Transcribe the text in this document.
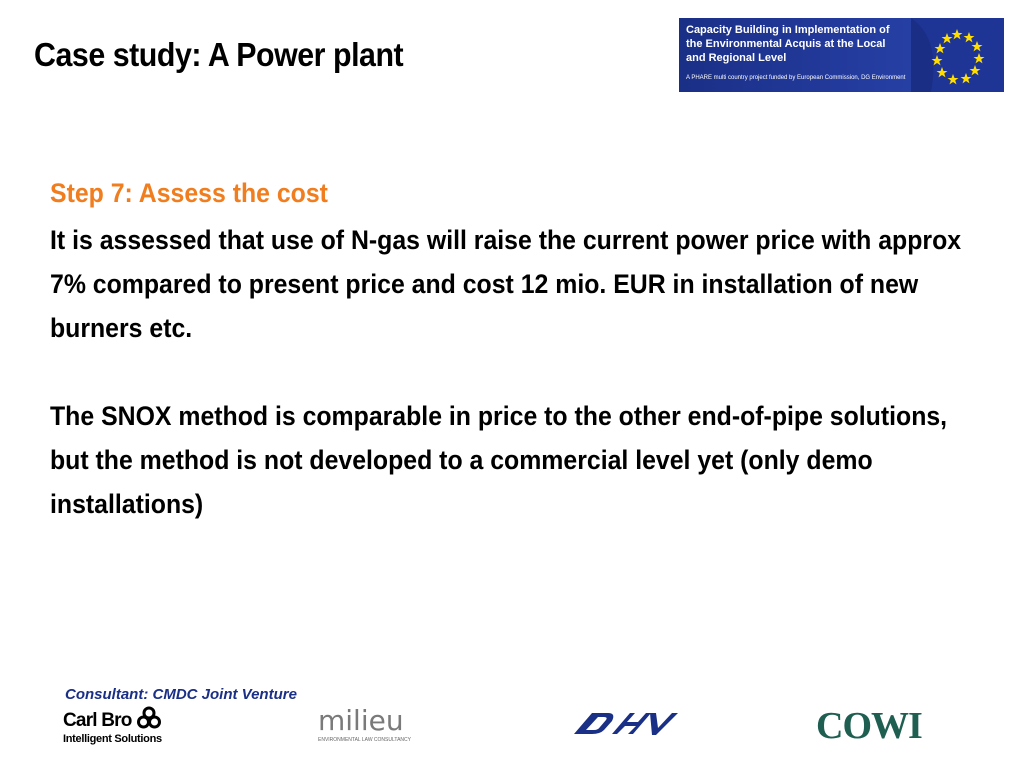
Case study: A Power plant
Capacity Building in Implementation of the Environmental Acquis at the Local and Regional Level
A PHARE multi country project funded by European Commission, DG Environment
Step 7: Assess the cost

It is assessed that use of N-gas will raise the current power price with approx 7% compared to present price and cost 12 mio. EUR in installation of new burners etc.

The SNOX method is comparable in price to the other end-of-pipe solutions, but the method is not developed to a commercial level yet (only demo installations)

Consultant: CMDC Joint Venture
Carl Bro
Intelligent Solutions
milieu
ENVIRONMENTAL LAW CONSULTANCY	COWI
